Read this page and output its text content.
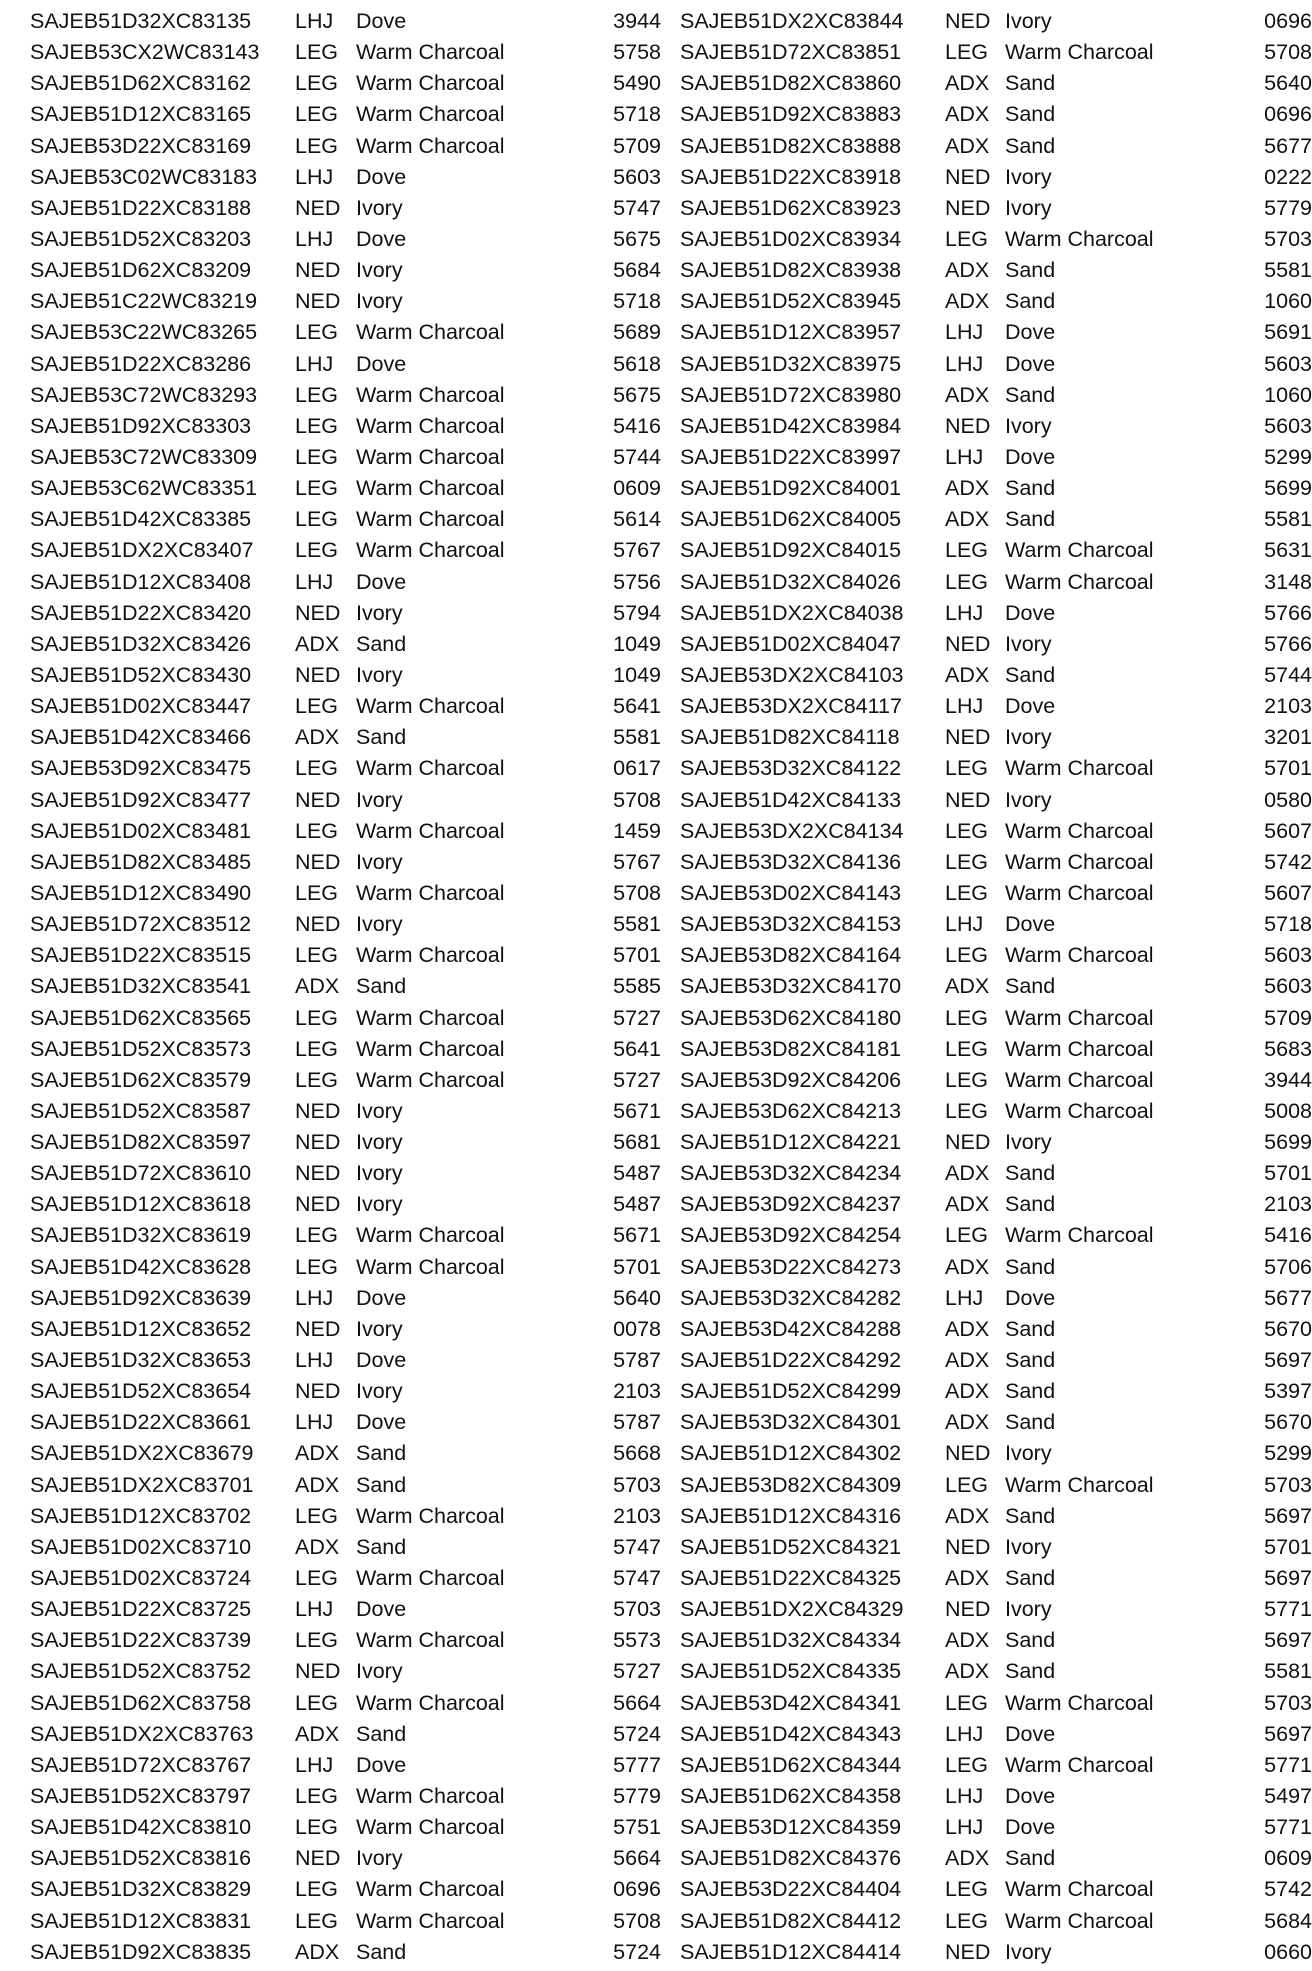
SAJEB51D32XC83135 LHJ Dove	3944
SAJEB53CX2WC83143 LEG Warm Charcoal	5758
SAJEB51D62XC83162 LEG Warm Charcoal	5490
SAJEB51D12XC83165 LEG Warm Charcoal	5718
SAJEB53D22XC83169 LEG Warm Charcoal	5709
SAJEB53C02WC83183 LHJ Dove	5603
SAJEB51D22XC83188 NED Ivory	5747
SAJEB51D52XC83203 LHJ Dove	5675
SAJEB51D62XC83209 NED Ivory	5684
SAJEB51C22WC83219 NED Ivory	5718
SAJEB53C22WC83265 LEG Warm Charcoal	5689
SAJEB51D22XC83286 LHJ Dove	5618
SAJEB53C72WC83293 LEG Warm Charcoal	5675
SAJEB51D92XC83303 LEG Warm Charcoal	5416
SAJEB53C72WC83309 LEG Warm Charcoal	5744
SAJEB53C62WC83351 LEG Warm Charcoal	0609
SAJEB51D42XC83385 LEG Warm Charcoal	5614
SAJEB51DX2XC83407 LEG Warm Charcoal	5767
SAJEB51D12XC83408 LHJ Dove	5756
SAJEB51D22XC83420 NED Ivory	5794
SAJEB51D32XC83426 ADX Sand	1049
SAJEB51D52XC83430 NED Ivory	1049
SAJEB51D02XC83447 LEG Warm Charcoal	5641
SAJEB51D42XC83466 ADX Sand	5581
SAJEB53D92XC83475 LEG Warm Charcoal	0617
SAJEB51D92XC83477 NED Ivory	5708
SAJEB51D02XC83481 LEG Warm Charcoal	1459
SAJEB51D82XC83485 NED Ivory	5767
SAJEB51D12XC83490 LEG Warm Charcoal	5708
SAJEB51D72XC83512 NED Ivory	5581
SAJEB51D22XC83515 LEG Warm Charcoal	5701
SAJEB51D32XC83541 ADX Sand	5585
SAJEB51D62XC83565 LEG Warm Charcoal	5727
SAJEB51D52XC83573 LEG Warm Charcoal	5641
SAJEB51D62XC83579 LEG Warm Charcoal	5727
SAJEB51D52XC83587 NED Ivory	5671
SAJEB51D82XC83597 NED Ivory	5681
SAJEB51D72XC83610 NED Ivory	5487
SAJEB51D12XC83618 NED Ivory	5487
SAJEB51D32XC83619 LEG Warm Charcoal	5671
SAJEB51D42XC83628 LEG Warm Charcoal	5701
SAJEB51D92XC83639 LHJ Dove	5640
SAJEB51D12XC83652 NED Ivory	0078
SAJEB51D32XC83653 LHJ Dove	5787
SAJEB51D52XC83654 NED Ivory	2103
SAJEB51D22XC83661 LHJ Dove	5787
SAJEB51DX2XC83679 ADX Sand	5668
SAJEB51DX2XC83701 ADX Sand	5703
SAJEB51D12XC83702 LEG Warm Charcoal	2103
SAJEB51D02XC83710 ADX Sand	5747
SAJEB51D02XC83724 LEG Warm Charcoal	5747
SAJEB51D22XC83725 LHJ Dove	5703
SAJEB51D22XC83739 LEG Warm Charcoal	5573
SAJEB51D52XC83752 NED Ivory	5727
SAJEB51D62XC83758 LEG Warm Charcoal	5664
SAJEB51DX2XC83763 ADX Sand	5724
SAJEB51D72XC83767 LHJ Dove	5777
SAJEB51D52XC83797 LEG Warm Charcoal	5779
SAJEB51D42XC83810 LEG Warm Charcoal	5751
SAJEB51D52XC83816 NED Ivory	5664
SAJEB51D32XC83829 LEG Warm Charcoal	0696
SAJEB51D12XC83831 LEG Warm Charcoal	5708
SAJEB51D92XC83835 ADX Sand	5724
SAJEB51DX2XC83844 NED Ivory	0696
SAJEB51D72XC83851 LEG Warm Charcoal	5708
SAJEB51D82XC83860 ADX Sand	5640
SAJEB51D92XC83883 ADX Sand	0696
SAJEB51D82XC83888 ADX Sand	5677
SAJEB51D22XC83918 NED Ivory	0222
SAJEB51D62XC83923 NED Ivory	5779
SAJEB51D02XC83934 LEG Warm Charcoal	5703
SAJEB51D82XC83938 ADX Sand	5581
SAJEB51D52XC83945 ADX Sand	1060
SAJEB51D12XC83957 LHJ Dove	5691
SAJEB51D32XC83975 LHJ Dove	5603
SAJEB51D72XC83980 ADX Sand	1060
SAJEB51D42XC83984 NED Ivory	5603
SAJEB51D22XC83997 LHJ Dove	5299
SAJEB51D92XC84001 ADX Sand	5699
SAJEB51D62XC84005 ADX Sand	5581
SAJEB51D92XC84015 LEG Warm Charcoal	5631
SAJEB51D32XC84026 LEG Warm Charcoal	3148
SAJEB51DX2XC84038 LHJ Dove	5766
SAJEB51D02XC84047 NED Ivory	5766
SAJEB53DX2XC84103 ADX Sand	5744
SAJEB53DX2XC84117 LHJ Dove	2103
SAJEB51D82XC84118 NED Ivory	3201
SAJEB53D32XC84122 LEG Warm Charcoal	5701
SAJEB51D42XC84133 NED Ivory	0580
SAJEB53DX2XC84134 LEG Warm Charcoal	5607
SAJEB53D32XC84136 LEG Warm Charcoal	5742
SAJEB53D02XC84143 LEG Warm Charcoal	5607
SAJEB53D32XC84153 LHJ Dove	5718
SAJEB53D82XC84164 LEG Warm Charcoal	5603
SAJEB53D32XC84170 ADX Sand	5603
SAJEB53D62XC84180 LEG Warm Charcoal	5709
SAJEB53D82XC84181 LEG Warm Charcoal	5683
SAJEB53D92XC84206 LEG Warm Charcoal	3944
SAJEB53D62XC84213 LEG Warm Charcoal	5008
SAJEB51D12XC84221 NED Ivory	5699
SAJEB53D32XC84234 ADX Sand	5701
SAJEB53D92XC84237 ADX Sand	2103
SAJEB53D92XC84254 LEG Warm Charcoal	5416
SAJEB53D22XC84273 ADX Sand	5706
SAJEB53D32XC84282 LHJ Dove	5677
SAJEB53D42XC84288 ADX Sand	5670
SAJEB51D22XC84292 ADX Sand	5697
SAJEB51D52XC84299 ADX Sand	5397
SAJEB53D32XC84301 ADX Sand	5670
SAJEB51D12XC84302 NED Ivory	5299
SAJEB53D82XC84309 LEG Warm Charcoal	5703
SAJEB51D12XC84316 ADX Sand	5697
SAJEB51D52XC84321 NED Ivory	5701
SAJEB51D22XC84325 ADX Sand	5697
SAJEB51DX2XC84329 NED Ivory	5771
SAJEB51D32XC84334 ADX Sand	5697
SAJEB51D52XC84335 ADX Sand	5581
SAJEB53D42XC84341 LEG Warm Charcoal	5703
SAJEB51D42XC84343 LHJ Dove	5697
SAJEB51D62XC84344 LEG Warm Charcoal	5771
SAJEB51D62XC84358 LHJ Dove	5497
SAJEB53D12XC84359 LHJ Dove	5771
SAJEB51D82XC84376 ADX Sand	0609
SAJEB53D22XC84404 LEG Warm Charcoal	5742
SAJEB51D82XC84412 LEG Warm Charcoal	5684
SAJEB51D12XC84414 NED Ivory	0660
